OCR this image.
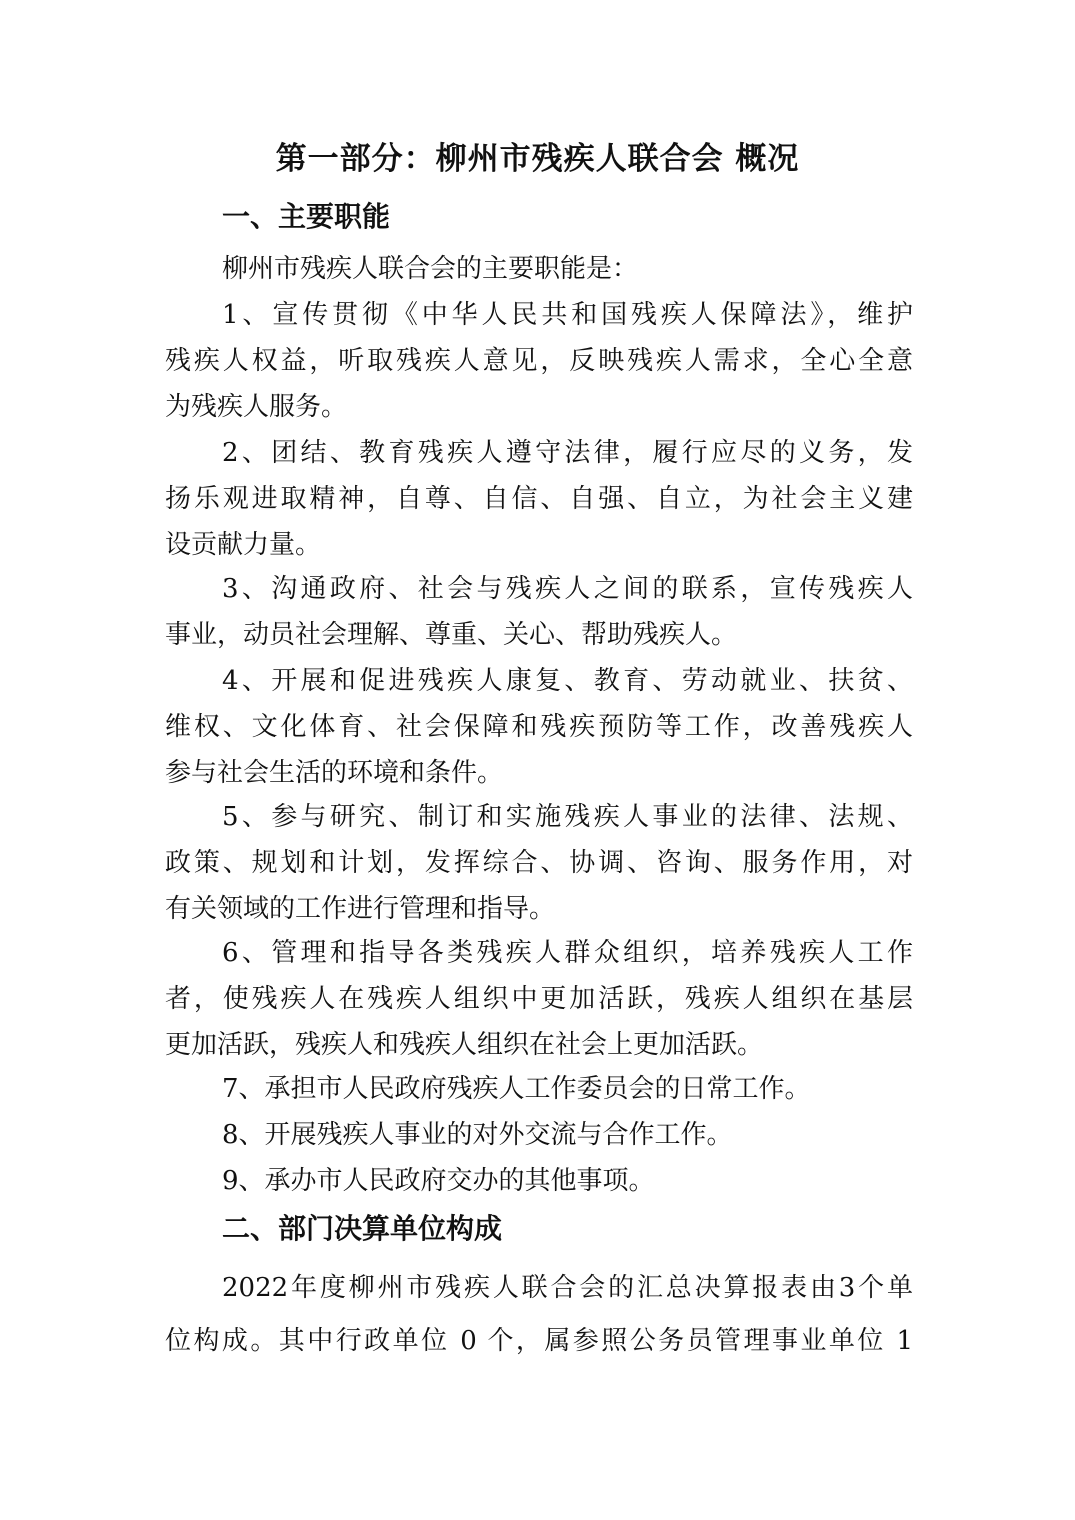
第一部分：柳州市残疾人联合会 概况
一、主要职能
柳州市残疾人联合会的主要职能是：
1、宣传贯彻《中华人民共和国残疾人保障法》，维护
残疾人权益，听取残疾人意见，反映残疾人需求，全心全意
为残疾人服务。
2、团结、教育残疾人遵守法律，履行应尽的义务，发
扬乐观进取精神，自尊、自信、自强、自立，为社会主义建
设贡献力量。
3、沟通政府、社会与残疾人之间的联系，宣传残疾人
事业，动员社会理解、尊重、关心、帮助残疾人。
4、开展和促进残疾人康复、教育、劳动就业、扶贫、
维权、文化体育、社会保障和残疾预防等工作，改善残疾人
参与社会生活的环境和条件。
5、参与研究、制订和实施残疾人事业的法律、法规、
政策、规划和计划，发挥综合、协调、咨询、服务作用，对
有关领域的工作进行管理和指导。
6、管理和指导各类残疾人群众组织，培养残疾人工作
者，使残疾人在残疾人组织中更加活跃，残疾人组织在基层
更加活跃，残疾人和残疾人组织在社会上更加活跃。
7、承担市人民政府残疾人工作委员会的日常工作。
8、开展残疾人事业的对外交流与合作工作。
9、承办市人民政府交办的其他事项。
二、部门决算单位构成
2022年度柳州市残疾人联合会的汇总决算报表由3个单
位构成。其中行政单位 0 个，属参照公务员管理事业单位 1
